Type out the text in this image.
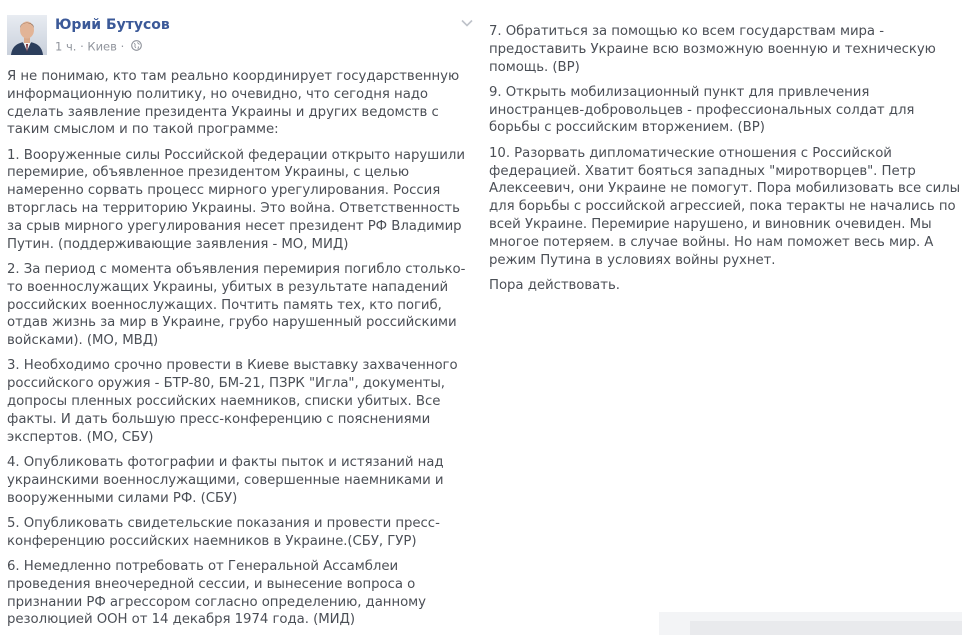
Юрий Бутусов
1 ч. · Киев ·

Я не понимаю, кто там реально координирует государственную информационную политику, но очевидно, что сегодня надо сделать заявление президента Украины и других ведомств с таким смыслом и по такой программе:

1. Вооруженные силы Российской федерации открыто нарушили перемирие, объявленное президентом Украины, с целью намеренно сорвать процесс мирного урегулирования. Россия вторглась на территорию Украины. Это война. Ответственность за срыв мирного урегулирования несет президент РФ Владимир Путин. (поддерживающие заявления - МО, МИД)

2. За период с момента объявления перемирия погибло столько-то военнослужащих Украины, убитых в результате нападений российских военнослужащих. Почтить память тех, кто погиб, отдав жизнь за мир в Украине, грубо нарушенный российскими войсками). (МО, МВД)

3. Необходимо срочно провести в Киеве выставку захваченного российского оружия - БТР-80, БМ-21, ПЗРК "Игла", документы, допросы пленных российских наемников, списки убитых. Все факты. И дать большую пресс-конференцию с пояснениями экспертов. (МО, СБУ)

4. Опубликовать фотографии и факты пыток и истязаний над украинскими военнослужащими, совершенные наемниками и вооруженными силами РФ. (СБУ)

5. Опубликовать свидетельские показания и провести пресс-конференцию российских наемников в Украине.(СБУ, ГУР)

6. Немедленно потребовать от Генеральной Ассамблеи проведения внеочередной сессии, и вынесение вопроса о признании РФ агрессором согласно определению, данному резолюцией ООН от 14 декабря 1974 года. (МИД)

7. Обратиться за помощью ко всем государствам мира - предоставить Украине всю возможную военную и техническую помощь. (ВР)

9. Открыть мобилизационный пункт для привлечения иностранцев-добровольцев - профессиональных солдат для борьбы с российским вторжением. (ВР)

10. Разорвать дипломатические отношения с Российской федерацией. Хватит бояться западных "миротворцев". Петр Алексеевич, они Украине не помогут. Пора мобилизовать все силы для борьбы с российской агрессией, пока теракты не начались по всей Украине. Перемирие нарушено, и виновник очевиден. Мы многое потеряем. в случае войны. Но нам поможет весь мир. А режим Путина в условиях войны рухнет.

Пора действовать.
